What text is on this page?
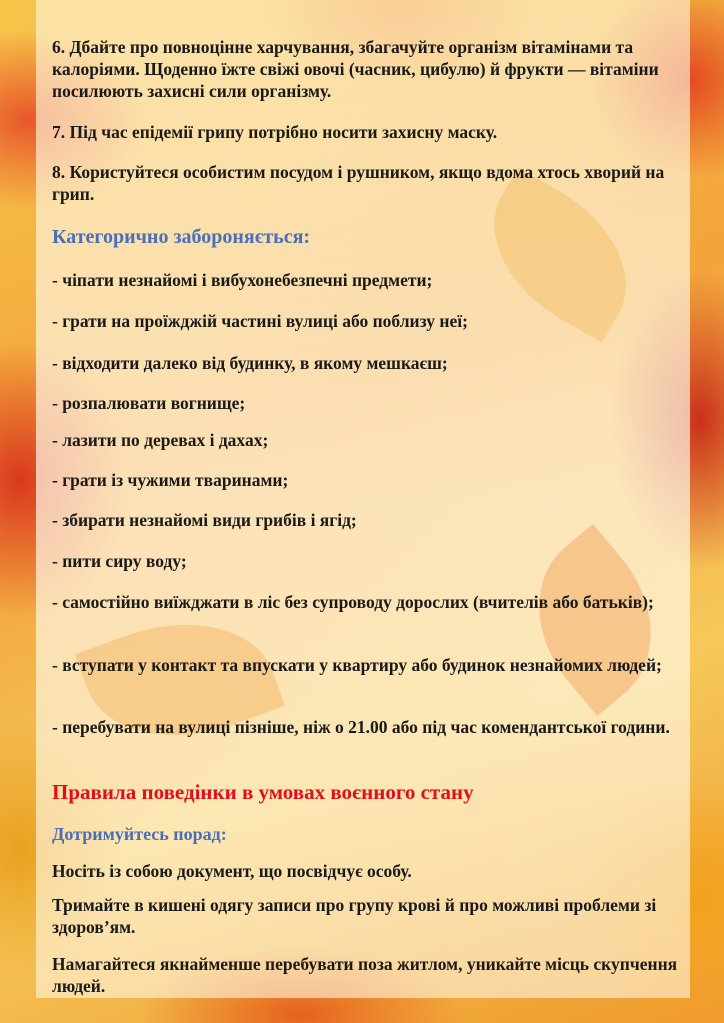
6. Дбайте про повноцінне харчування, збагачуйте організм вітамінами та калоріями. Щоденно їжте свіжі овочі (часник, цибулю) й фрукти — вітаміни посилюють захисні сили організму.

7. Під час епідемії грипу потрібно носити захисну маску.

8. Користуйтеся особистим посудом і рушником, якщо вдома хтось хворий на грип.

Категорично забороняється:

- чіпати незнайомі і вибухонебезпечні предмети;

- грати на проїжджій частині вулиці або поблизу неї;

- відходити далеко від будинку, в якому мешкаєш;

- розпалювати вогнище;

- лазити по деревах і дахах;

- грати із чужими тваринами;

- збирати незнайомі види грибів і ягід;

- пити сиру воду;

- самостійно виїжджати в ліс без супроводу дорослих (вчителів або батьків);

- вступати у контакт та впускати у квартиру або будинок незнайомих людей;

- перебувати на вулиці пізніше, ніж о 21.00 або під час комендантської години.

Правила поведінки в умовах воєнного стану

Дотримуйтесь порад:

Носіть із собою документ, що посвідчує особу.

Тримайте в кишені одягу записи про групу крові й про можливі проблеми зі здоров’ям.

Намагайтеся якнайменше перебувати поза житлом, уникайте місць скупчення людей.
